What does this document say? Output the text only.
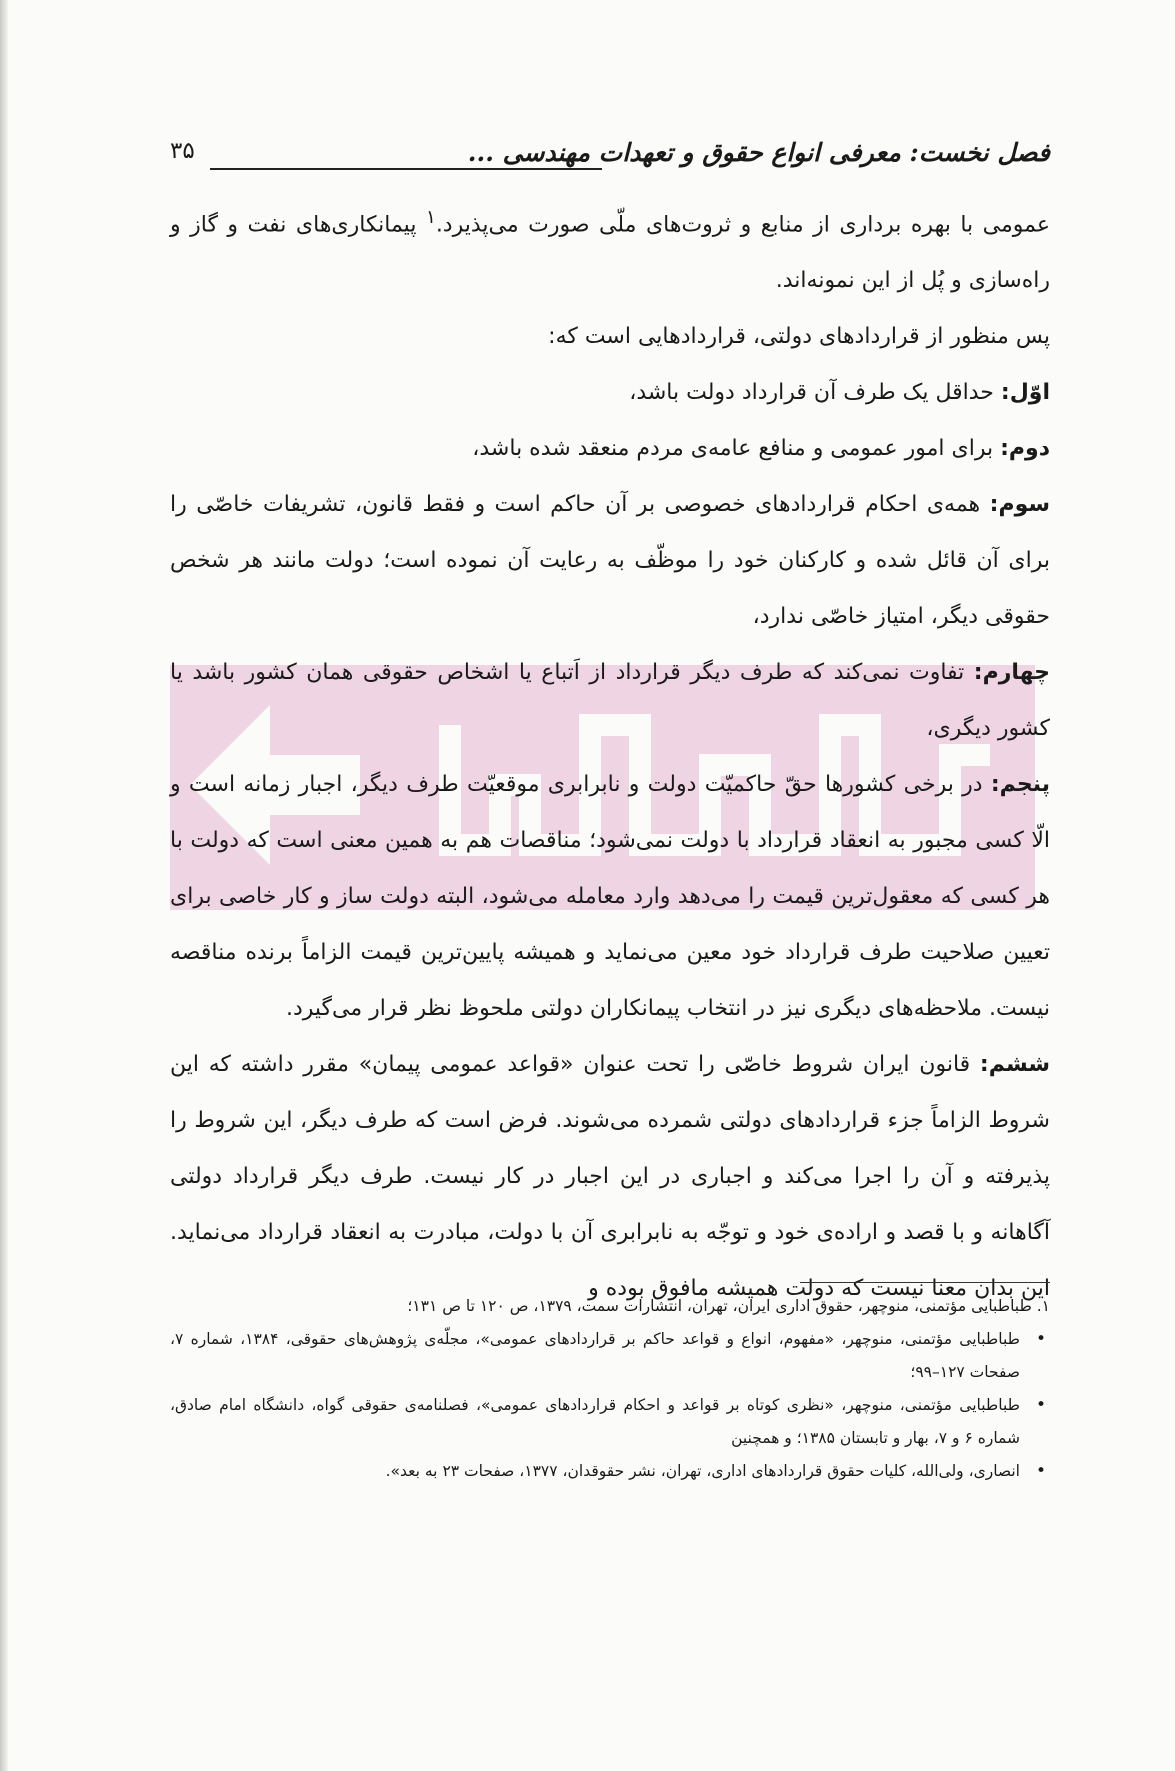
فصل نخست: معرفی انواع حقوق و تعهدات مهندسی ...
۳۵

عمومی با بهره برداری از منابع و ثروت‌های ملّی صورت می‌پذیرد.$^۱$ پیمانکاری‌های نفت و گاز و راه‌سازی و پُل از این نمونه‌اند.

پس منظور از قراردادهای دولتی، قراردادهایی است که:

اوّل: حداقل یک طرف آن قرارداد دولت باشد،

دوم: برای امور عمومی و منافع عامه‌ی مردم منعقد شده باشد،

سوم: همه‌ی احکام قراردادهای خصوصی بر آن حاکم است و فقط قانون، تشریفات خاصّی را برای آن قائل شده و کارکنان خود را موظّف به رعایت آن نموده است؛ دولت مانند هر شخص حقوقی دیگر، امتیاز خاصّی ندارد،

چهارم: تفاوت نمی‌کند که طرف دیگر قرارداد از اَتباع یا اشخاص حقوقی همان کشور باشد یا کشور دیگری،

پنجم: در برخی کشورها حقّ حاکمیّت دولت و نابرابری موقعیّت طرف دیگر، اجبار زمانه است و الّا کسی مجبور به انعقاد قرارداد با دولت نمی‌شود؛ مناقصات هم به همین معنی است که دولت با هر کسی که معقول‌ترین قیمت را می‌دهد وارد معامله می‌شود، البته دولت ساز و کار خاصی برای تعیین صلاحیت طرف قرارداد خود معین می‌نماید و همیشه پایین‌ترین قیمت الزاماً برنده مناقصه نیست. ملاحظه‌های دیگری نیز در انتخاب پیمانکاران دولتی ملحوظ نظر قرار می‌گیرد.

ششم: قانون ایران شروط خاصّی را تحت عنوان «قواعد عمومی پیمان» مقرر داشته که این شروط الزاماً جزء قراردادهای دولتی شمرده می‌شوند. فرض است که طرف دیگر، این شروط را پذیرفته و آن را اجرا می‌کند و اجباری در این اجبار در کار نیست. طرف دیگر قرارداد دولتی آگاهانه و با قصد و اراده‌ی خود و توجّه به نابرابری آن با دولت، مبادرت به انعقاد قرارداد می‌نماید. این بدان معنا نیست که دولت همیشه مافوق بوده و

۱. طباطبایی مؤتمنی، منوچهر، حقوق اداری ایران، تهران، انتشارات سمت، ۱۳۷۹، ص ۱۲۰ تا ص ۱۳۱؛

•
طباطبایی مؤتمنی، منوچهر، «مفهوم، انواع و قواعد حاکم بر قراردادهای عمومی»، مجلّه‌ی پژوهش‌های حقوقی، ۱۳۸۴، شماره ۷، صفحات ۱۲۷–۹۹؛

•
طباطبایی مؤتمنی، منوچهر، «نظری کوتاه بر قواعد و احکام قراردادهای عمومی»، فصلنامه‌ی حقوقی گواه، دانشگاه امام صادق، شماره ۶ و ۷، بهار و تابستان ۱۳۸۵؛ و همچنین

•
انصاری، ولی‌الله، کلیات حقوق قراردادهای اداری، تهران، نشر حقوقدان، ۱۳۷۷، صفحات ۲۳ به بعد».
